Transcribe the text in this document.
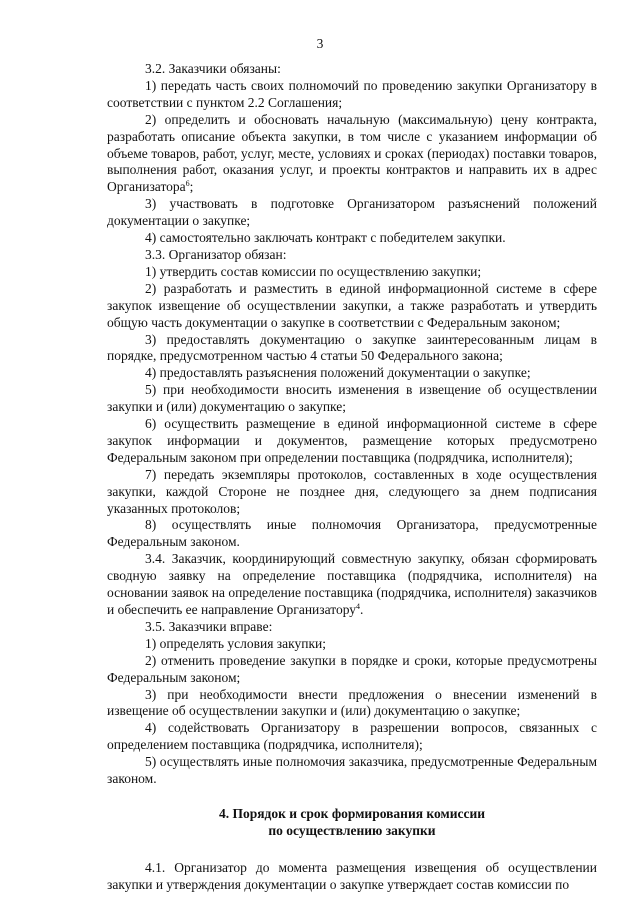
3

3.2. Заказчики обязаны:

1) передать часть своих полномочий по проведению закупки Организатору в соответствии с пунктом 2.2 Соглашения;

2) определить и обосновать начальную (максимальную) цену контракта, разработать описание объекта закупки, в том числе с указанием информации об объеме товаров, работ, услуг, месте, условиях и сроках (периодах) поставки товаров, выполнения работ, оказания услуг, и проекты контрактов и направить их в адрес Организатора$^6$;

3) участвовать в подготовке Организатором разъяснений положений документации о закупке;

4) самостоятельно заключать контракт с победителем закупки.

3.3. Организатор обязан:

1) утвердить состав комиссии по осуществлению закупки;

2) разработать и разместить в единой информационной системе в сфере закупок извещение об осуществлении закупки, а также разработать и утвердить общую часть документации о закупке в соответствии с Федеральным законом;

3) предоставлять документацию о закупке заинтересованным лицам в порядке, предусмотренном частью 4 статьи 50 Федерального закона;

4) предоставлять разъяснения положений документации о закупке;

5) при необходимости вносить изменения в извещение об осуществлении закупки и (или) документацию о закупке;

6) осуществить размещение в единой информационной системе в сфере закупок информации и документов, размещение которых предусмотрено Федеральным законом при определении поставщика (подрядчика, исполнителя);

7) передать экземпляры протоколов, составленных в ходе осуществления закупки, каждой Стороне не позднее дня, следующего за днем подписания указанных протоколов;

8) осуществлять иные полномочия Организатора, предусмотренные Федеральным законом.

3.4. Заказчик, координирующий совместную закупку, обязан сформировать сводную заявку на определение поставщика (подрядчика, исполнителя) на основании заявок на определение поставщика (подрядчика, исполнителя) заказчиков и обеспечить ее направление Организатору$^4$.

3.5. Заказчики вправе:

1) определять условия закупки;

2) отменить проведение закупки в порядке и сроки, которые предусмотрены Федеральным законом;

3) при необходимости внести предложения о внесении изменений в извещение об осуществлении закупки и (или) документацию о закупке;

4) содействовать Организатору в разрешении вопросов, связанных с определением поставщика (подрядчика, исполнителя);

5) осуществлять иные полномочия заказчика, предусмотренные Федеральным законом.

4. Порядок и срок формирования комиссии
по осуществлению закупки

4.1. Организатор до момента размещения извещения об осуществлении закупки и утверждения документации о закупке утверждает состав комиссии по
